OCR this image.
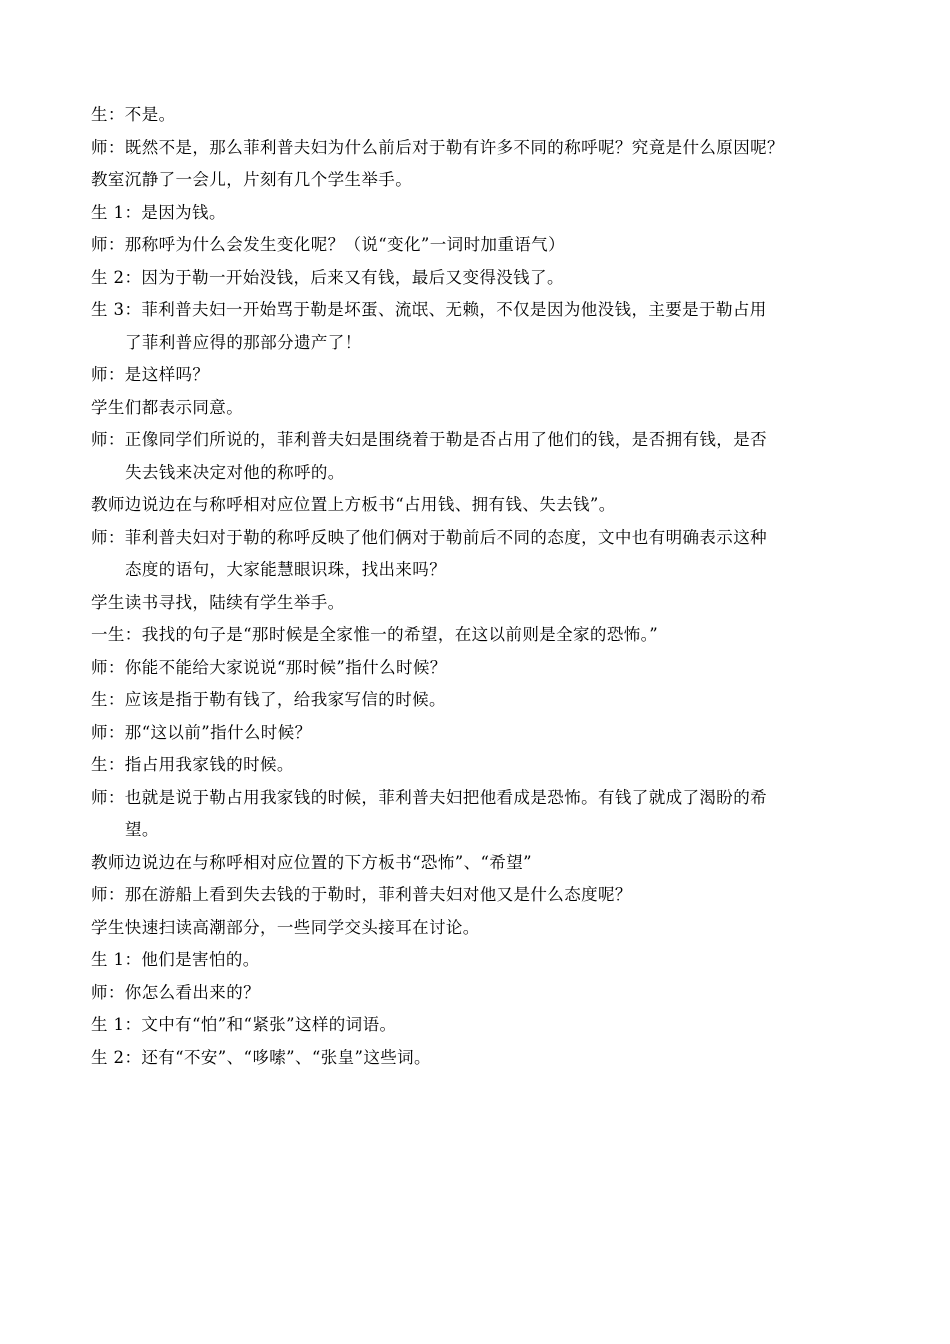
生：不是。
师：既然不是，那么菲利普夫妇为什么前后对于勒有许多不同的称呼呢？究竟是什么原因呢？
教室沉静了一会儿，片刻有几个学生举手。
生 1：是因为钱。
师：那称呼为什么会发生变化呢？（说“变化”一词时加重语气）
生 2：因为于勒一开始没钱，后来又有钱，最后又变得没钱了。
生 3：菲利普夫妇一开始骂于勒是坏蛋、流氓、无赖，不仅是因为他没钱，主要是于勒占用
了菲利普应得的那部分遗产了！
师：是这样吗？
学生们都表示同意。
师：正像同学们所说的，菲利普夫妇是围绕着于勒是否占用了他们的钱，是否拥有钱，是否
失去钱来决定对他的称呼的。
教师边说边在与称呼相对应位置上方板书“占用钱、拥有钱、失去钱”。
师：菲利普夫妇对于勒的称呼反映了他们俩对于勒前后不同的态度，文中也有明确表示这种
态度的语句，大家能慧眼识珠，找出来吗？
学生读书寻找，陆续有学生举手。
一生：我找的句子是“那时候是全家惟一的希望，在这以前则是全家的恐怖。”
师：你能不能给大家说说“那时候”指什么时候？
生：应该是指于勒有钱了，给我家写信的时候。
师：那“这以前”指什么时候？
生：指占用我家钱的时候。
师：也就是说于勒占用我家钱的时候，菲利普夫妇把他看成是恐怖。有钱了就成了渴盼的希
望。
教师边说边在与称呼相对应位置的下方板书“恐怖”、“希望”
师：那在游船上看到失去钱的于勒时，菲利普夫妇对他又是什么态度呢？
学生快速扫读高潮部分，一些同学交头接耳在讨论。
生 1：他们是害怕的。
师：你怎么看出来的？
生 1：文中有“怕”和“紧张”这样的词语。
生 2：还有“不安”、“哆嗦”、“张皇”这些词。
